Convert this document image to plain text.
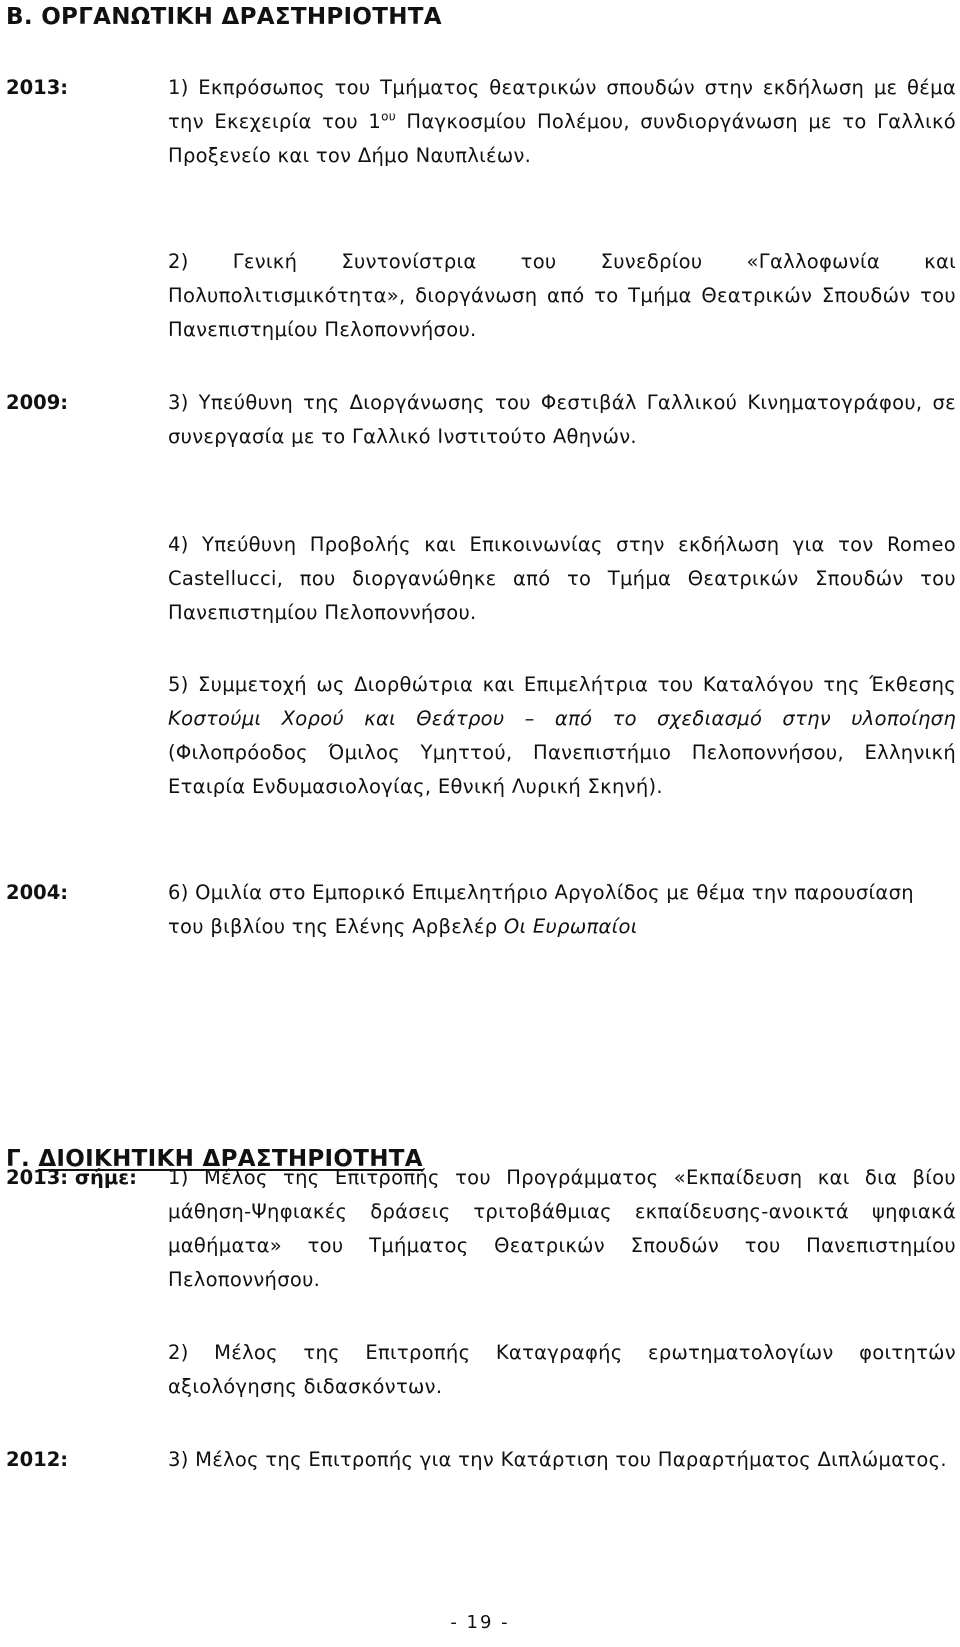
Β. ΟΡΓΑΝΩΤΙΚΗ ΔΡΑΣΤΗΡΙΟΤΗΤΑ
2013:	1) Εκπρόσωπος του Τμήματος θεατρικών σπουδών στην εκδήλωση με θέμα την Εκεχειρία του $1^{o\upsilon}$ Παγκοσμίου Πολέμου, συνδιοργάνωση με το Γαλλικό Προξενείο και τον Δήμο Ναυπλιέων.
2) Γενική Συντονίστρια του Συνεδρίου «Γαλλοφωνία και Πολυπολιτισμικότητα», διοργάνωση από το Τμήμα Θεατρικών Σπουδών του Πανεπιστημίου Πελοποννήσου.
2009:	3) Υπεύθυνη της Διοργάνωσης του Φεστιβάλ Γαλλικού Κινηματογράφου, σε συνεργασία με το Γαλλικό Ινστιτούτο Αθηνών.
4) Υπεύθυνη Προβολής και Επικοινωνίας στην εκδήλωση για τον Romeo Castellucci, που διοργανώθηκε από το Τμήμα Θεατρικών Σπουδών του Πανεπιστημίου Πελοποννήσου.
5) Συμμετοχή ως Διορθώτρια και Επιμελήτρια του Καταλόγου της Έκθεσης Κοστούμι Χορού και Θεάτρου – από το σχεδιασμό στην υλοποίηση (Φιλοπρόοδος Όμιλος Υμηττού, Πανεπιστήμιο Πελοποννήσου, Ελληνική Εταιρία Ενδυμασιολογίας, Εθνική Λυρική Σκηνή).
2004:	6) Ομιλία στο Εμπορικό Επιμελητήριο Αργολίδος με θέμα την παρουσίαση του βιβλίου της Ελένης Αρβελέρ Οι Ευρωπαίοι
Γ. ΔΙΟΙΚΗΤΙΚΗ ΔΡΑΣΤΗΡΙΟΤΗΤΑ
2013: σήμε: 1) Μέλος της Επιτροπής του Προγράμματος «Εκπαίδευση και δια βίου μάθηση-Ψηφιακές δράσεις τριτοβάθμιας εκπαίδευσης-ανοικτά ψηφιακά μαθήματα» του Τμήματος Θεατρικών Σπουδών του Πανεπιστημίου Πελοποννήσου.
2) Μέλος της Επιτροπής Καταγραφής ερωτηματολογίων φοιτητών αξιολόγησης διδασκόντων.
2012:	3) Μέλος της Επιτροπής για την Κατάρτιση του Παραρτήματος Διπλώματος.
- 19 -
